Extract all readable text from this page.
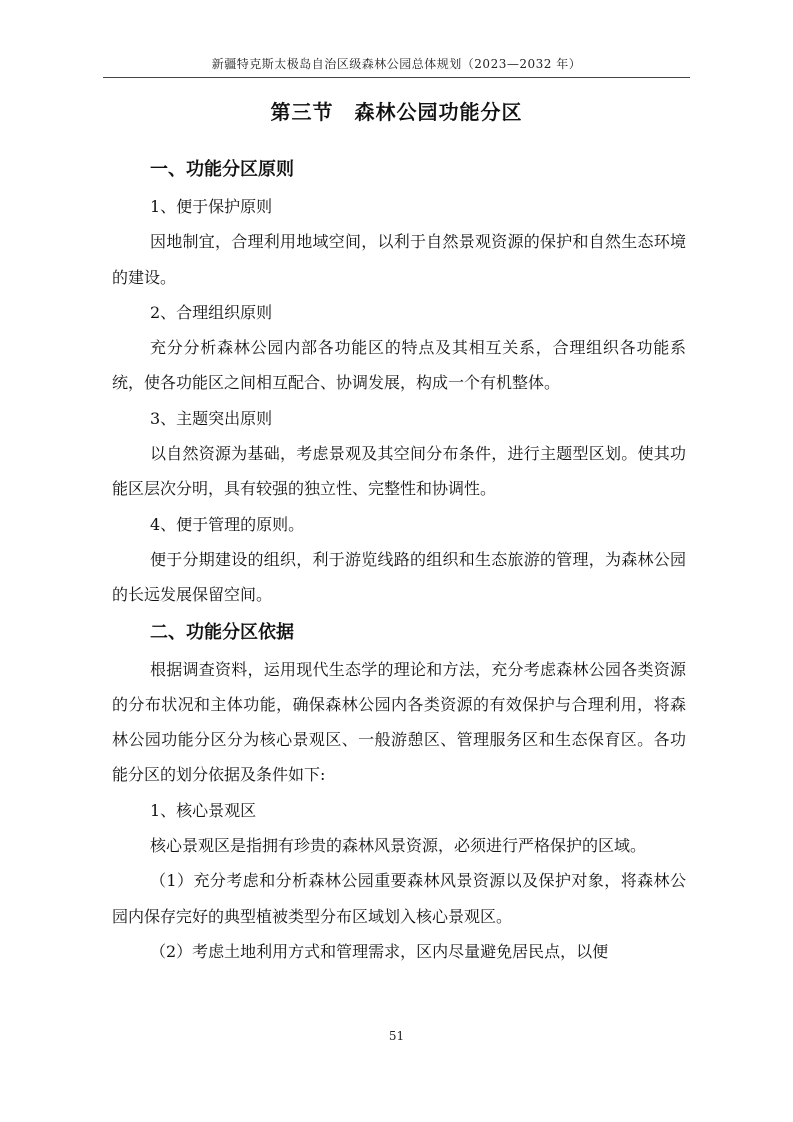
新疆特克斯太极岛自治区级森林公园总体规划（2023—2032 年）
第三节　森林公园功能分区
一、功能分区原则

1、便于保护原则

因地制宜，合理利用地域空间，以利于自然景观资源的保护和自然生态环境的建设。

2、合理组织原则

充分分析森林公园内部各功能区的特点及其相互关系，合理组织各功能系统，使各功能区之间相互配合、协调发展，构成一个有机整体。

3、主题突出原则

以自然资源为基础，考虑景观及其空间分布条件，进行主题型区划。使其功能区层次分明，具有较强的独立性、完整性和协调性。

4、便于管理的原则。

便于分期建设的组织，利于游览线路的组织和生态旅游的管理，为森林公园的长远发展保留空间。

二、功能分区依据

根据调查资料，运用现代生态学的理论和方法，充分考虑森林公园各类资源的分布状况和主体功能，确保森林公园内各类资源的有效保护与合理利用，将森林公园功能分区分为核心景观区、一般游憩区、管理服务区和生态保育区。各功能分区的划分依据及条件如下:

1、核心景观区

核心景观区是指拥有珍贵的森林风景资源，必须进行严格保护的区域。

（1）充分考虑和分析森林公园重要森林风景资源以及保护对象，将森林公园内保存完好的典型植被类型分布区域划入核心景观区。

（2）考虑土地利用方式和管理需求，区内尽量避免居民点，以便

51
